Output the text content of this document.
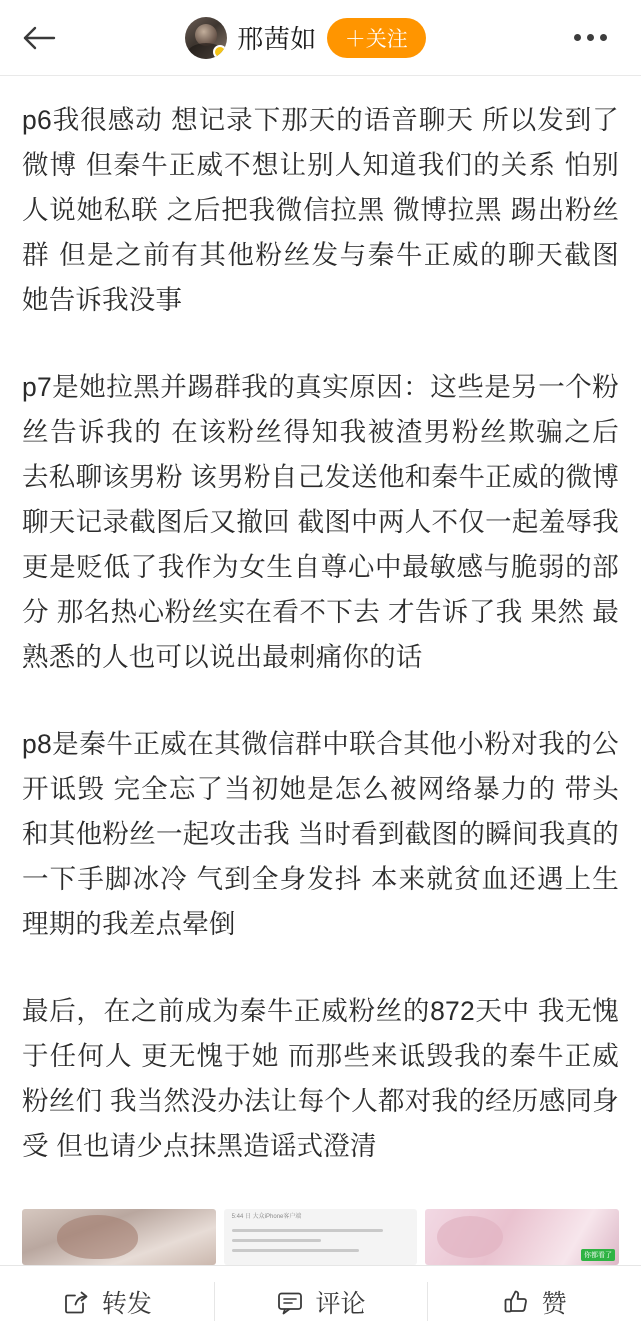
邢茜如	＋关注

p6我很感动 想记录下那天的语音聊天 所以发到了微博 但秦牛正威不想让别人知道我们的关系 怕别人说她私联 之后把我微信拉黑 微博拉黑 踢出粉丝群 但是之前有其他粉丝发与秦牛正威的聊天截图 她告诉我没事

p7是她拉黑并踢群我的真实原因：这些是另一个粉丝告诉我的 在该粉丝得知我被渣男粉丝欺骗之后 去私聊该男粉 该男粉自己发送他和秦牛正威的微博聊天记录截图后又撤回 截图中两人不仅一起羞辱我 更是贬低了我作为女生自尊心中最敏感与脆弱的部分 那名热心粉丝实在看不下去 才告诉了我 果然 最熟悉的人也可以说出最刺痛你的话

p8是秦牛正威在其微信群中联合其他小粉对我的公开诋毁 完全忘了当初她是怎么被网络暴力的 带头和其他粉丝一起攻击我 当时看到截图的瞬间我真的一下手脚冰冷 气到全身发抖 本来就贫血还遇上生理期的我差点晕倒

最后，在之前成为秦牛正威粉丝的872天中 我无愧于任何人 更无愧于她 而那些来诋毁我的秦牛正威粉丝们 我当然没办法让每个人都对我的经历感同身受 但也请少点抹黑造谣式澄清

5:44 日 大众iPhone客户端
你都看了
转发	评论	赞
